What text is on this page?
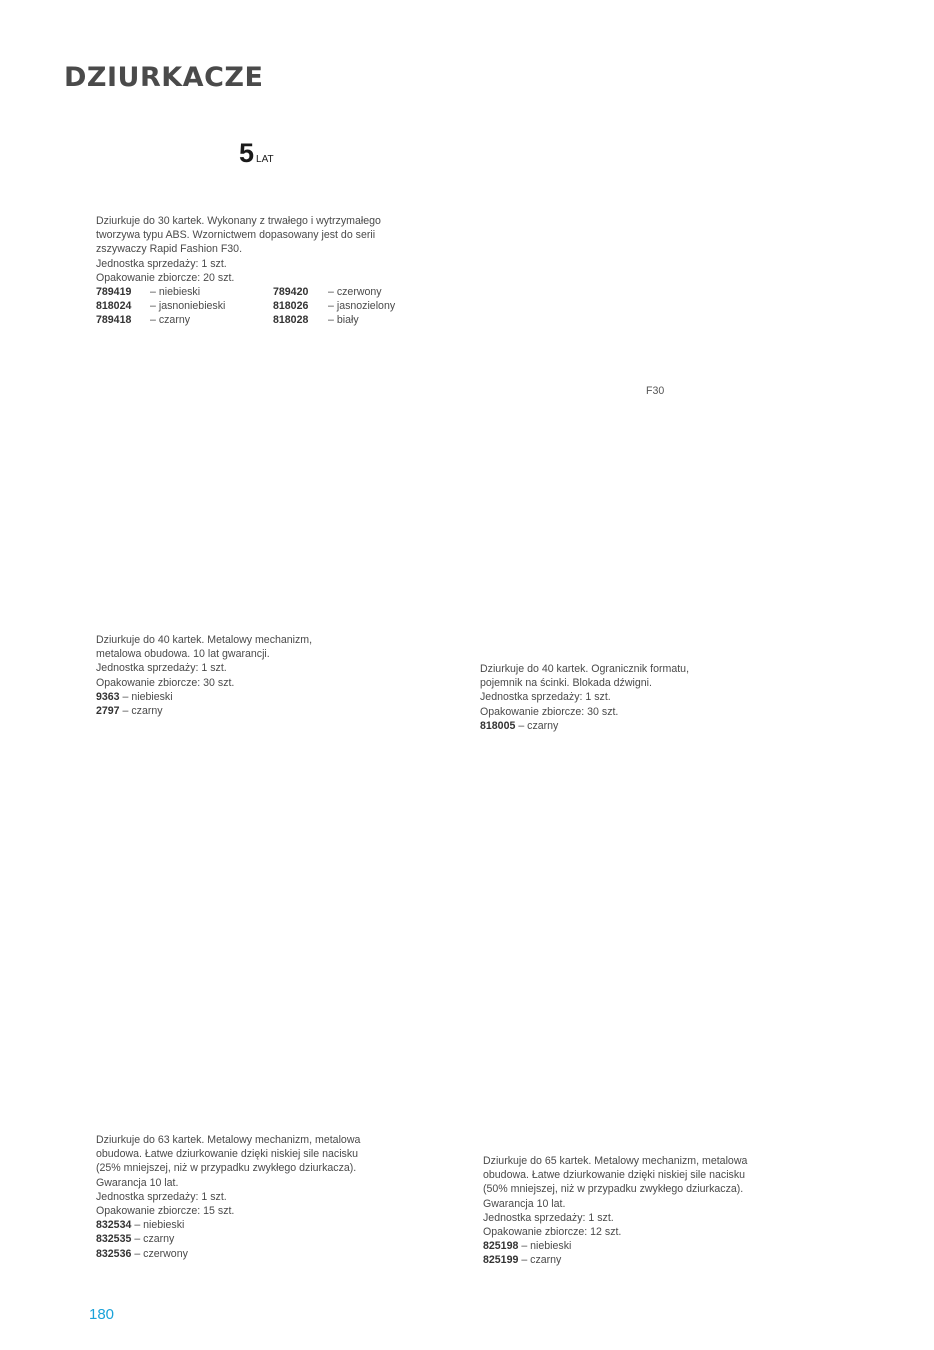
DZIURKACZE
5 LAT
Dziurkuje do 30 kartek. Wykonany z trwałego i wytrzymałego
tworzywa typu ABS. Wzornictwem dopasowany jest do serii
zszywaczy Rapid Fashion F30.
Jednostka sprzedaży: 1 szt.
Opakowanie zbiorcze: 20 szt.
789419	– niebieski	789420	– czerwony
818024	– jasnoniebieski	818026	– jasnozielony
789418	– czarny	818028	– biały
F30
Dziurkuje do 40 kartek. Metalowy mechanizm,
metalowa obudowa. 10 lat gwarancji.
Jednostka sprzedaży: 1 szt.
Opakowanie zbiorcze: 30 szt.
9363 – niebieski
2797 – czarny
Dziurkuje do 40 kartek. Ogranicznik formatu,
pojemnik na ścinki. Blokada dźwigni.
Jednostka sprzedaży: 1 szt.
Opakowanie zbiorcze: 30 szt.
818005 – czarny
Dziurkuje do 63 kartek. Metalowy mechanizm, metalowa
obudowa. Łatwe dziurkowanie dzięki niskiej sile nacisku
(25% mniejszej, niż w przypadku zwykłego dziurkacza).
Gwarancja 10 lat.
Jednostka sprzedaży: 1 szt.
Opakowanie zbiorcze: 15 szt.
832534 – niebieski
832535 – czarny
832536 – czerwony
Dziurkuje do 65 kartek. Metalowy mechanizm, metalowa
obudowa. Łatwe dziurkowanie dzięki niskiej sile nacisku
(50% mniejszej, niż w przypadku zwykłego dziurkacza).
Gwarancja 10 lat.
Jednostka sprzedaży: 1 szt.
Opakowanie zbiorcze: 12 szt.
825198 – niebieski
825199 – czarny
180
